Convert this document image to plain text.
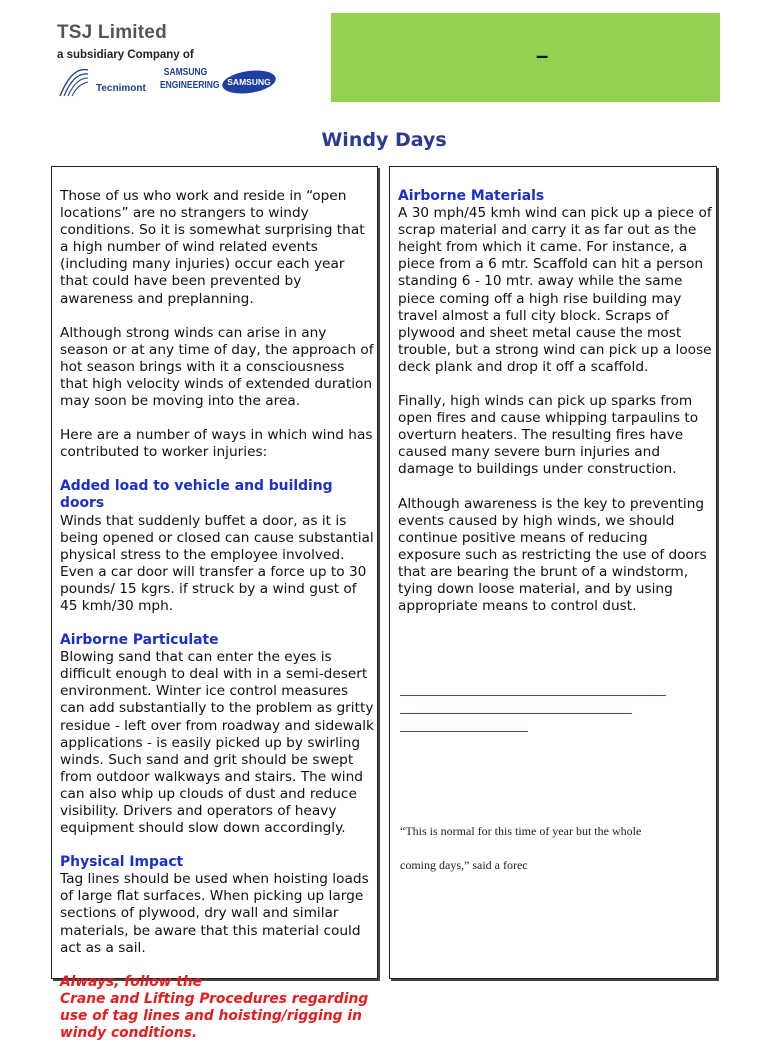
TSJ Limited
a subsidiary Company of
Tecnimont
SAMSUNG
ENGINEERING SAMSUNG
–
Windy Days

Those of us who work and reside in “open locations” are no strangers to windy conditions. So it is somewhat surprising that a high number of wind related events (including many injuries) occur each year that could have been prevented by awareness and preplanning.

Although strong winds can arise in any season or at any time of day, the approach of hot season brings with it a consciousness that high velocity winds of extended duration may soon be moving into the area.

Here are a number of ways in which wind has contributed to worker injuries:

Added load to vehicle and building doors

Winds that suddenly buffet a door, as it is being opened or closed can cause substantial physical stress to the employee involved. Even a car door will transfer a force up to 30 pounds/ 15 kgrs. if struck by a wind gust of 45 kmh/30 mph.

Airborne Particulate

Blowing sand that can enter the eyes is difficult enough to deal with in a semi-desert environment. Winter ice control measures can add substantially to the problem as gritty residue - left over from roadway and sidewalk applications - is easily picked up by swirling winds. Such sand and grit should be swept from outdoor walkways and stairs. The wind can also whip up clouds of dust and reduce visibility. Drivers and operators of heavy equipment should slow down accordingly.

Physical Impact

Tag lines should be used when hoisting loads of large flat surfaces. When picking up large sections of plywood, dry wall and similar materials, be aware that this material could act as a sail.

Always, follow the
Crane and Lifting Procedures regarding use of tag lines and hoisting/rigging in windy conditions.
Airborne Materials

A 30 mph/45 kmh wind can pick up a piece of scrap material and carry it as far out as the height from which it came. For instance, a piece from a 6 mtr. Scaffold can hit a person standing 6 - 10 mtr. away while the same piece coming off a high rise building may travel almost a full city block. Scraps of plywood and sheet metal cause the most trouble, but a strong wind can pick up a loose deck plank and drop it off a scaffold.

Finally, high winds can pick up sparks from open fires and cause whipping tarpaulins to overturn heaters. The resulting fires have caused many severe burn injuries and damage to buildings under construction.

Although awareness is the key to preventing events caused by high winds, we should continue positive means of reducing exposure such as restricting the use of doors that are bearing the brunt of a windstorm, tying down loose material, and by using appropriate means to control dust.

“This is normal for this time of year but the whole
coming days,” said a forec
